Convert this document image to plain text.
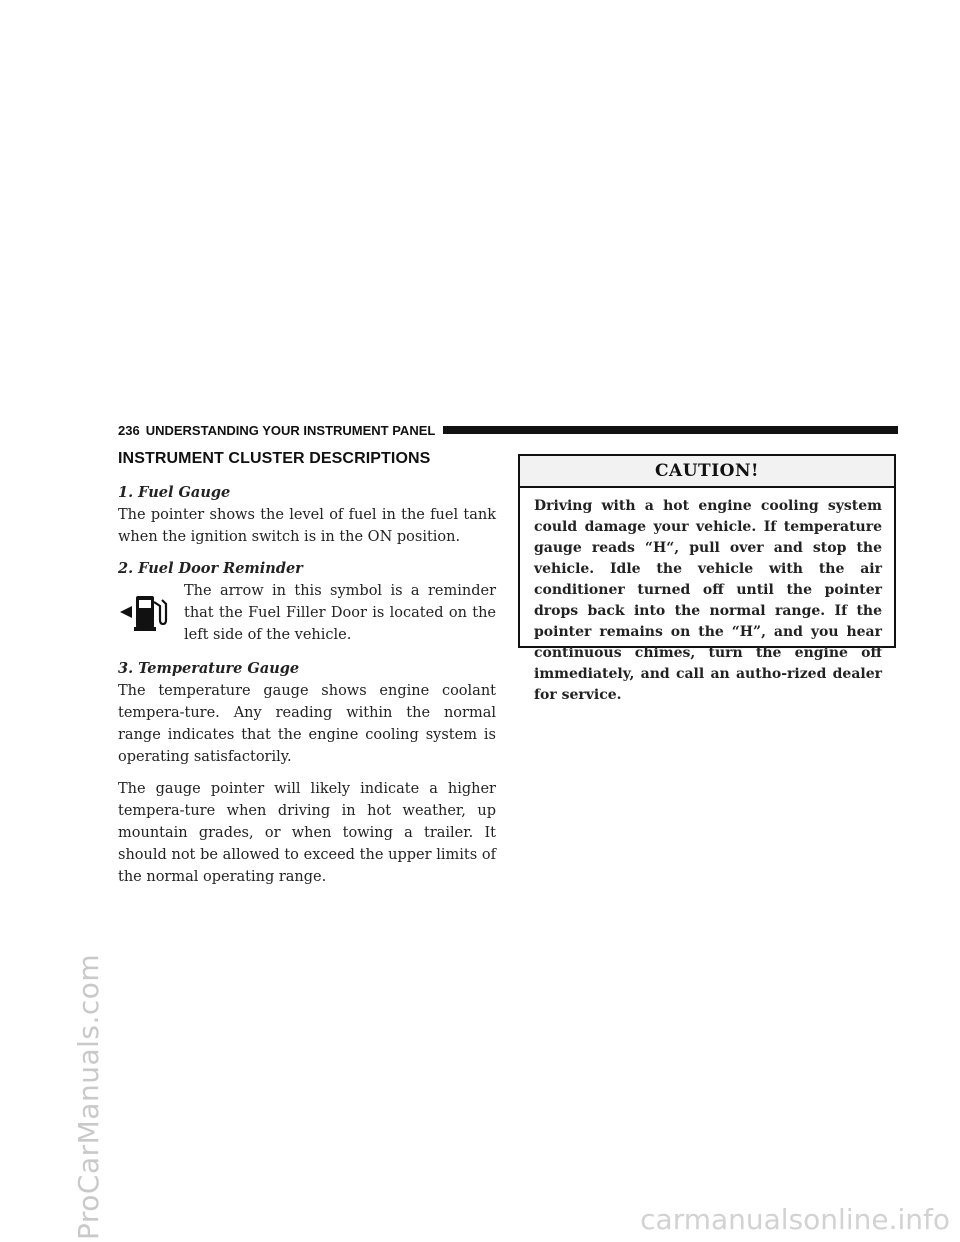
ProCarManuals.com	carmanualsonline.info
236 UNDERSTANDING YOUR INSTRUMENT PANEL
INSTRUMENT CLUSTER DESCRIPTIONS

1. Fuel Gauge

The pointer shows the level of fuel in the fuel tank when the ignition switch is in the ON position.

2. Fuel Door Reminder

The arrow in this symbol is a reminder that the Fuel Filler Door is located on the left side of the vehicle.

3. Temperature Gauge

The temperature gauge shows engine coolant tempera-ture. Any reading within the normal range indicates that the engine cooling system is operating satisfactorily.

The gauge pointer will likely indicate a higher tempera-ture when driving in hot weather, up mountain grades, or when towing a trailer. It should not be allowed to exceed the upper limits of the normal operating range.

CAUTION!
Driving with a hot engine cooling system could damage your vehicle. If temperature gauge reads “H“, pull over and stop the vehicle. Idle the vehicle with the air conditioner turned off until the pointer drops back into the normal range. If the pointer remains on the “H”, and you hear continuous chimes, turn the engine off immediately, and call an autho-rized dealer for service.
